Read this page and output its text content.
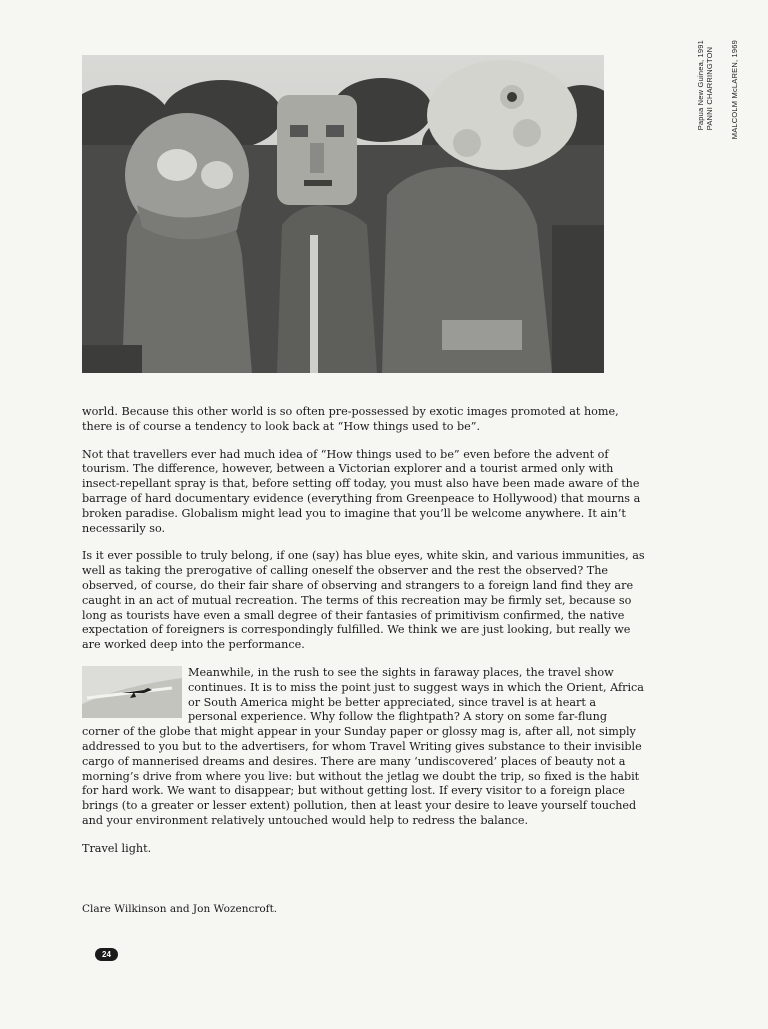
Papua New Guinea, 1991 PANNI CHARRINGTON MALCOLM McLAREN, 1969

world. Because this other world is so often pre-possessed by exotic images promoted at home, there is of course a tendency to look back at “How things used to be”.

Not that travellers ever had much idea of “How things used to be” even before the advent of tourism. The difference, however, between a Victorian explorer and a tourist armed only with insect-repellant spray is that, before setting off today, you must also have been made aware of the barrage of hard documentary evidence (everything from Greenpeace to Hollywood) that mourns a broken paradise. Globalism might lead you to imagine that you’ll be welcome anywhere. It ain’t necessarily so.

Is it ever possible to truly belong, if one (say) has blue eyes, white skin, and various immunities, as well as taking the prerogative of calling oneself the observer and the rest the observed? The observed, of course, do their fair share of observing and strangers to a foreign land find they are caught in an act of mutual recreation. The terms of this recreation may be firmly set, because so long as tourists have even a small degree of their fantasies of primitivism confirmed, the native expectation of foreigners is correspondingly fulfilled. We think we are just looking, but really we are worked deep into the performance.

Meanwhile, in the rush to see the sights in faraway places, the travel show continues. It is to miss the point just to suggest ways in which the Orient, Africa or South America might be better appreciated, since travel is at heart a personal experience. Why follow the flightpath? A story on some far-flung corner of the globe that might appear in your Sunday paper or glossy mag is, after all, not simply addressed to you but to the advertisers, for whom Travel Writing gives substance to their invisible cargo of mannerised dreams and desires. There are many ‘undiscovered’ places of beauty not a morning’s drive from where you live: but without the jetlag we doubt the trip, so fixed is the habit for hard work. We want to disappear; but without getting lost. If every visitor to a foreign place brings (to a greater or lesser extent) pollution, then at least your desire to leave yourself touched and your environment relatively untouched would help to redress the balance.

Travel light.

Clare Wilkinson and Jon Wozencroft.
24
